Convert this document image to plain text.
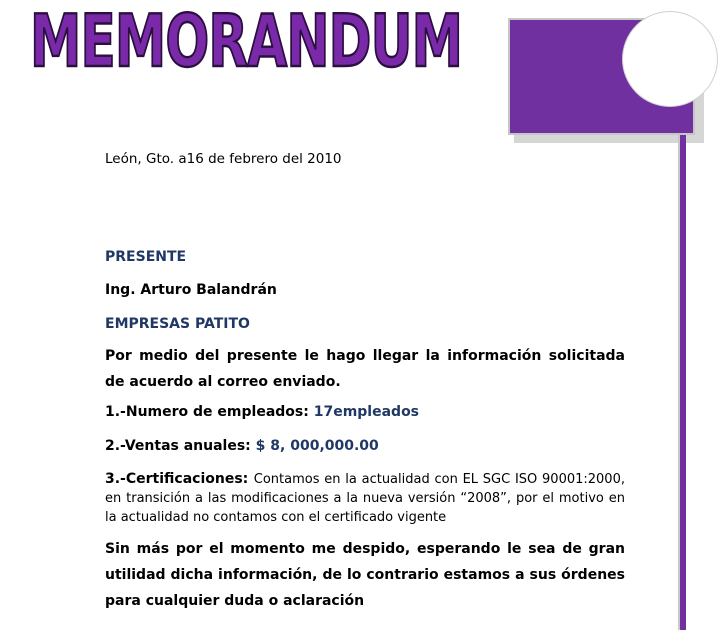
MEMORANDUM
León, Gto. a16 de febrero del 2010
PRESENTE
Ing. Arturo Balandrán
EMPRESAS PATITO
Por medio del presente le hago llegar la información solicitada de acuerdo al correo enviado.
1.-Numero de empleados: 17empleados
2.-Ventas anuales: $ 8, 000,000.00
3.-Certificaciones: Contamos en la actualidad con EL SGC ISO 90001:2000, en transición a las modificaciones a la nueva versión “2008”, por el motivo en la actualidad no contamos con el certificado vigente
Sin más por el momento me despido, esperando le sea de gran utilidad dicha información, de lo contrario estamos a sus órdenes para cualquier duda o aclaración
